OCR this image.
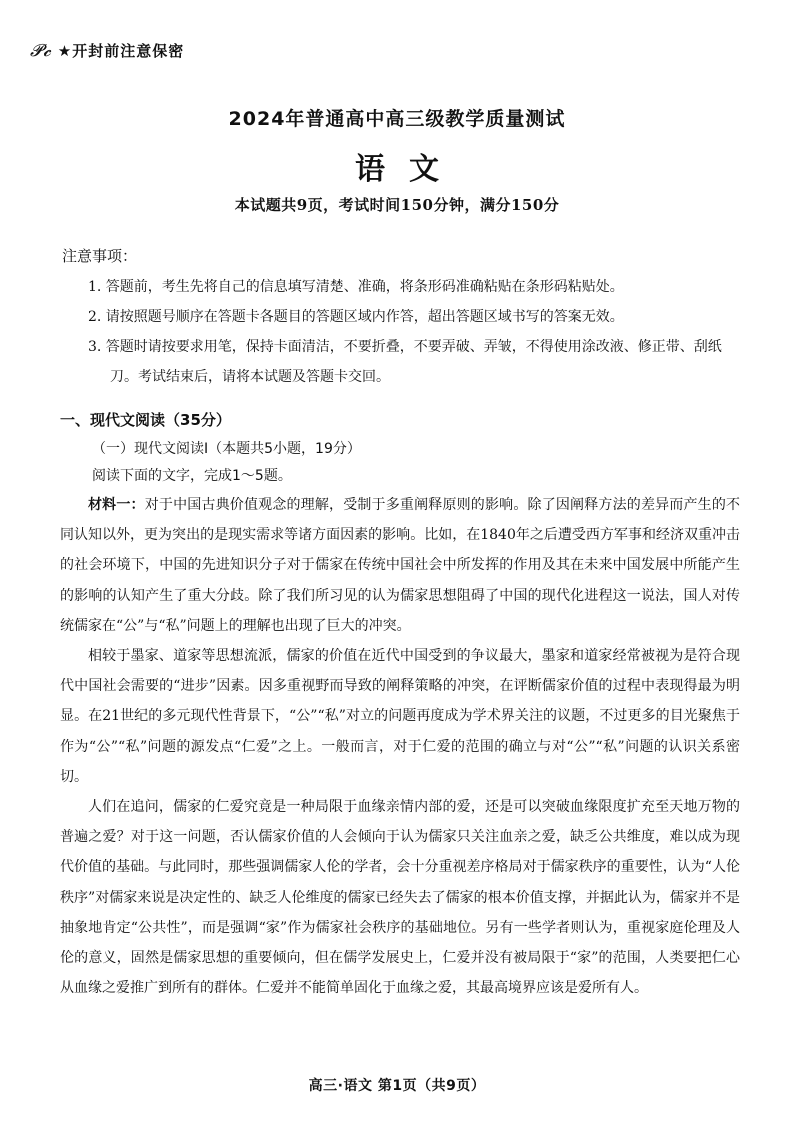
𝓟𝓬 ★开封前注意保密
2024年普通高中高三级教学质量测试
语文
本试题共9页，考试时间150分钟，满分150分
注意事项：
1. 答题前，考生先将自己的信息填写清楚、准确，将条形码准确粘贴在条形码粘贴处。
2. 请按照题号顺序在答题卡各题目的答题区域内作答，超出答题区域书写的答案无效。
3. 答题时请按要求用笔，保持卡面清洁，不要折叠，不要弄破、弄皱，不得使用涂改液、修正带、刮纸刀。考试结束后，请将本试题及答题卡交回。
一、现代文阅读（35分）
（一）现代文阅读Ⅰ（本题共5小题，19分）
阅读下面的文字，完成1～5题。

材料一：对于中国古典价值观念的理解，受制于多重阐释原则的影响。除了因阐释方法的差异而产生的不同认知以外，更为突出的是现实需求等诸方面因素的影响。比如，在1840年之后遭受西方军事和经济双重冲击的社会环境下，中国的先进知识分子对于儒家在传统中国社会中所发挥的作用及其在未来中国发展中所能产生的影响的认知产生了重大分歧。除了我们所习见的认为儒家思想阻碍了中国的现代化进程这一说法，国人对传统儒家在“公”与“私”问题上的理解也出现了巨大的冲突。

相较于墨家、道家等思想流派，儒家的价值在近代中国受到的争议最大，墨家和道家经常被视为是符合现代中国社会需要的“进步”因素。因多重视野而导致的阐释策略的冲突，在评断儒家价值的过程中表现得最为明显。在21世纪的多元现代性背景下，“公”“私”对立的问题再度成为学术界关注的议题，不过更多的目光聚焦于作为“公”“私”问题的源发点“仁爱”之上。一般而言，对于仁爱的范围的确立与对“公”“私”问题的认识关系密切。

人们在追问，儒家的仁爱究竟是一种局限于血缘亲情内部的爱，还是可以突破血缘限度扩充至天地万物的普遍之爱？对于这一问题，否认儒家价值的人会倾向于认为儒家只关注血亲之爱，缺乏公共维度，难以成为现代价值的基础。与此同时，那些强调儒家人伦的学者，会十分重视差序格局对于儒家秩序的重要性，认为“人伦秩序”对儒家来说是决定性的、缺乏人伦维度的儒家已经失去了儒家的根本价值支撑，并据此认为，儒家并不是抽象地肯定“公共性”，而是强调“家”作为儒家社会秩序的基础地位。另有一些学者则认为，重视家庭伦理及人伦的意义，固然是儒家思想的重要倾向，但在儒学发展史上，仁爱并没有被局限于“家”的范围，人类要把仁心从血缘之爱推广到所有的群体。仁爱并不能简单固化于血缘之爱，其最高境界应该是爱所有人。

高三·语文 第1页（共9页）
